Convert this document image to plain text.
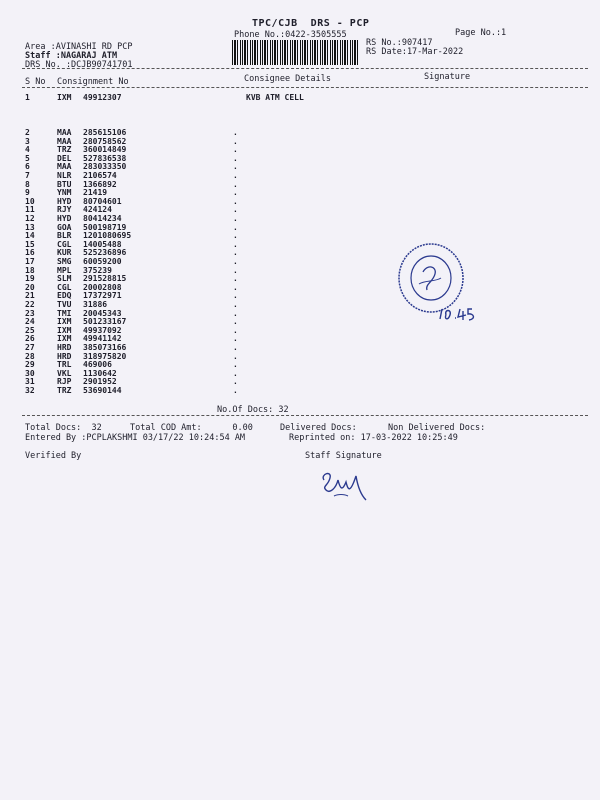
TPC/CJB  DRS - PCP
Phone No.:0422-3505555	Page No.:1
Area :AVINASHI RD PCP
Staff :NAGARAJ ATM
DRS No. :DCJB90741701
RS No.:907417
RS Date:17-Mar-2022
S No Consignment No	Consignee Details	Signature
1	IXM 49912307	KVB ATM CELL
2	MAA 285615106	.
3	MAA 280758562	.
4	TRZ 360014849	.
5	DEL 527836538	.
6	MAA 283033350	.
7	NLR 2106574	.
8	BTU 1366892	.
9	YNM 21419	.
10	HYD 80704601	.
11	RJY 424124	.
12	HYD 80414234	.
13	GOA 500198719	.
14	BLR 1201080695	.
15	CGL 14005488	.
16	KUR 525236896	.
17	SMG 60059200	.
18	MPL 375239	.
19	SLM 291528815	.
20	CGL 20002808	.
21	EDQ 17372971	.
22	TVU 31886	.
23	TMI 20045343	.
24	IXM 501233167	.
25	IXM 49937092	.
26	IXM 49941142	.
27	HRD 385073166	.
28	HRD 318975820	.
29	TRL 469006	.
30	VKL 1130642	.
31	RJP 2901952	.
32	TRZ 53690144	.
No.Of Docs: 32
Total Docs:  32	Total COD Amt:      0.00	Delivered Docs:	Non Delivered Docs:
Entered By :PCPLAKSHMI 03/17/22 10:24:54 AM	Reprinted on: 17-03-2022 10:25:49
Verified By	Staff Signature
